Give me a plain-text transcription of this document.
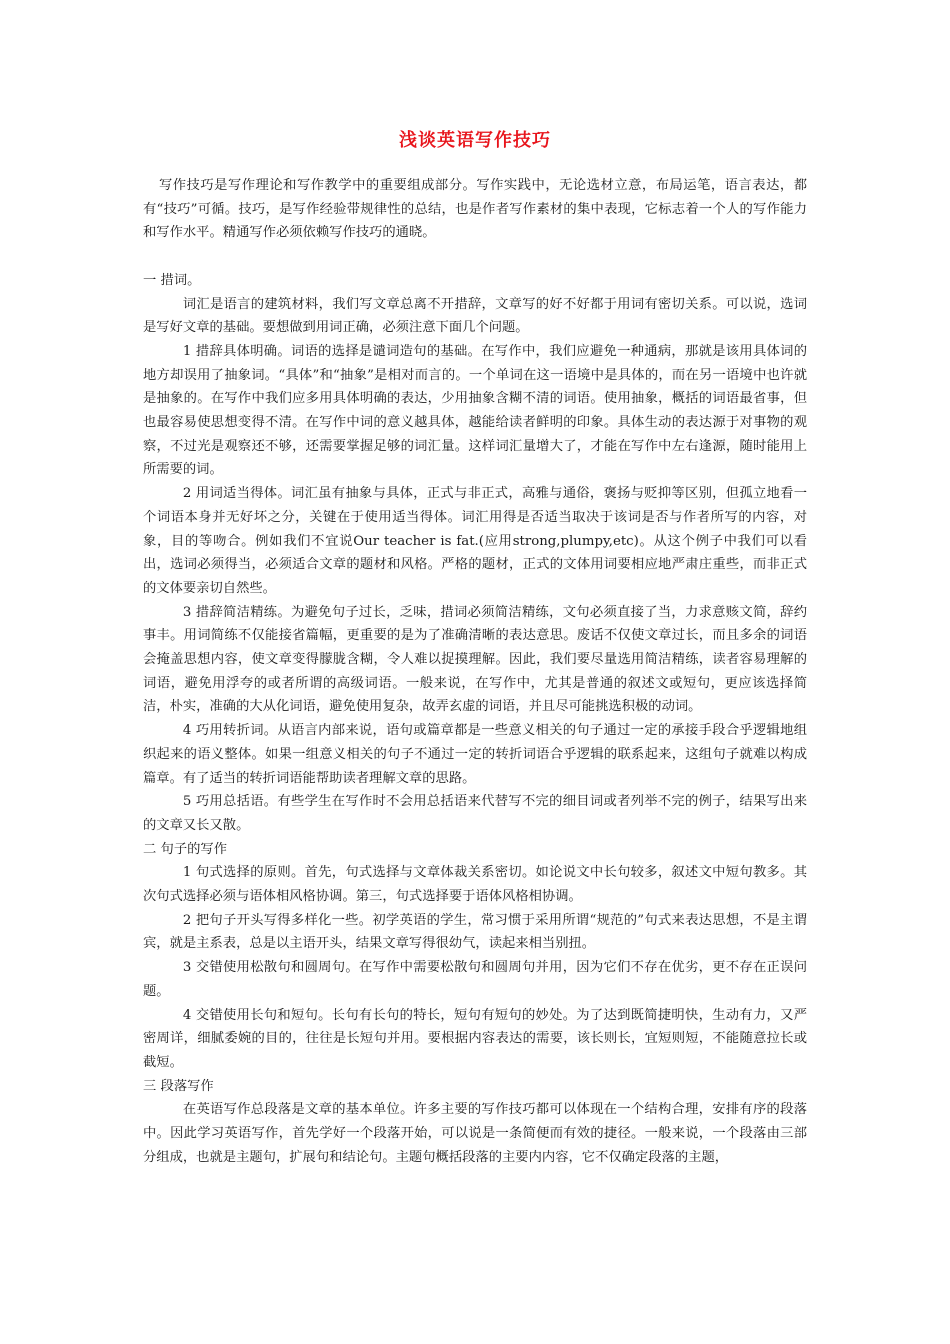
浅谈英语写作技巧

写作技巧是写作理论和写作教学中的重要组成部分。写作实践中，无论选材立意，布局运笔，语言表达，都有“技巧”可循。技巧，是写作经验带规律性的总结，也是作者写作素材的集中表现，它标志着一个人的写作能力和写作水平。精通写作必须依赖写作技巧的通晓。

一 措词。

词汇是语言的建筑材料，我们写文章总离不开措辞，文章写的好不好都于用词有密切关系。可以说，选词是写好文章的基础。要想做到用词正确，必须注意下面几个问题。

1 措辞具体明确。词语的选择是谴词造句的基础。在写作中，我们应避免一种通病，那就是该用具体词的地方却误用了抽象词。“具体”和“抽象”是相对而言的。一个单词在这一语境中是具体的，而在另一语境中也许就是抽象的。在写作中我们应多用具体明确的表达，少用抽象含糊不清的词语。使用抽象，概括的词语最省事，但也最容易使思想变得不清。在写作中词的意义越具体，越能给读者鲜明的印象。具体生动的表达源于对事物的观察，不过光是观察还不够，还需要掌握足够的词汇量。这样词汇量增大了，才能在写作中左右逢源，随时能用上所需要的词。

2 用词适当得体。词汇虽有抽象与具体，正式与非正式，高雅与通俗，褒扬与贬抑等区别，但孤立地看一个词语本身并无好坏之分，关键在于使用适当得体。词汇用得是否适当取决于该词是否与作者所写的内容，对象，目的等吻合。例如我们不宜说Our teacher is fat.(应用strong,plumpy,etc)。从这个例子中我们可以看出，选词必须得当，必须适合文章的题材和风格。严格的题材，正式的文体用词要相应地严肃庄重些，而非正式的文体要亲切自然些。

3 措辞简洁精练。为避免句子过长，乏味，措词必须简洁精练，文句必须直接了当，力求意赅文简，辞约事丰。用词简练不仅能接省篇幅，更重要的是为了准确清晰的表达意思。废话不仅使文章过长，而且多余的词语会掩盖思想内容，使文章变得朦胧含糊，令人难以捉摸理解。因此，我们要尽量选用简洁精练，读者容易理解的词语，避免用浮夸的或者所谓的高级词语。一般来说，在写作中，尤其是普通的叙述文或短句，更应该选择简洁，朴实，准确的大从化词语，避免使用复杂，故弄玄虚的词语，并且尽可能挑选积极的动词。

4 巧用转折词。从语言内部来说，语句或篇章都是一些意义相关的句子通过一定的承接手段合乎逻辑地组织起来的语义整体。如果一组意义相关的句子不通过一定的转折词语合乎逻辑的联系起来，这组句子就难以构成篇章。有了适当的转折词语能帮助读者理解文章的思路。

5 巧用总括语。有些学生在写作时不会用总括语来代替写不完的细目词或者列举不完的例子，结果写出来的文章又长又散。

二 句子的写作

1 句式选择的原则。首先，句式选择与文章体裁关系密切。如论说文中长句较多，叙述文中短句教多。其次句式选择必须与语体相风格协调。第三，句式选择要于语体风格相协调。

2 把句子开头写得多样化一些。初学英语的学生，常习惯于采用所谓“规范的”句式来表达思想，不是主谓宾，就是主系表，总是以主语开头，结果文章写得很幼气，读起来相当别扭。

3 交错使用松散句和圆周句。在写作中需要松散句和圆周句并用，因为它们不存在优劣，更不存在正误问题。

4 交错使用长句和短句。长句有长句的特长，短句有短句的妙处。为了达到既简捷明快，生动有力，又严密周详，细腻委婉的目的，往往是长短句并用。要根据内容表达的需要，该长则长，宜短则短，不能随意拉长或截短。

三 段落写作

在英语写作总段落是文章的基本单位。许多主要的写作技巧都可以体现在一个结构合理，安排有序的段落中。因此学习英语写作，首先学好一个段落开始，可以说是一条简便而有效的捷径。一般来说，一个段落由三部分组成，也就是主题句，扩展句和结论句。主题句概括段落的主要内内容，它不仅确定段落的主题，
